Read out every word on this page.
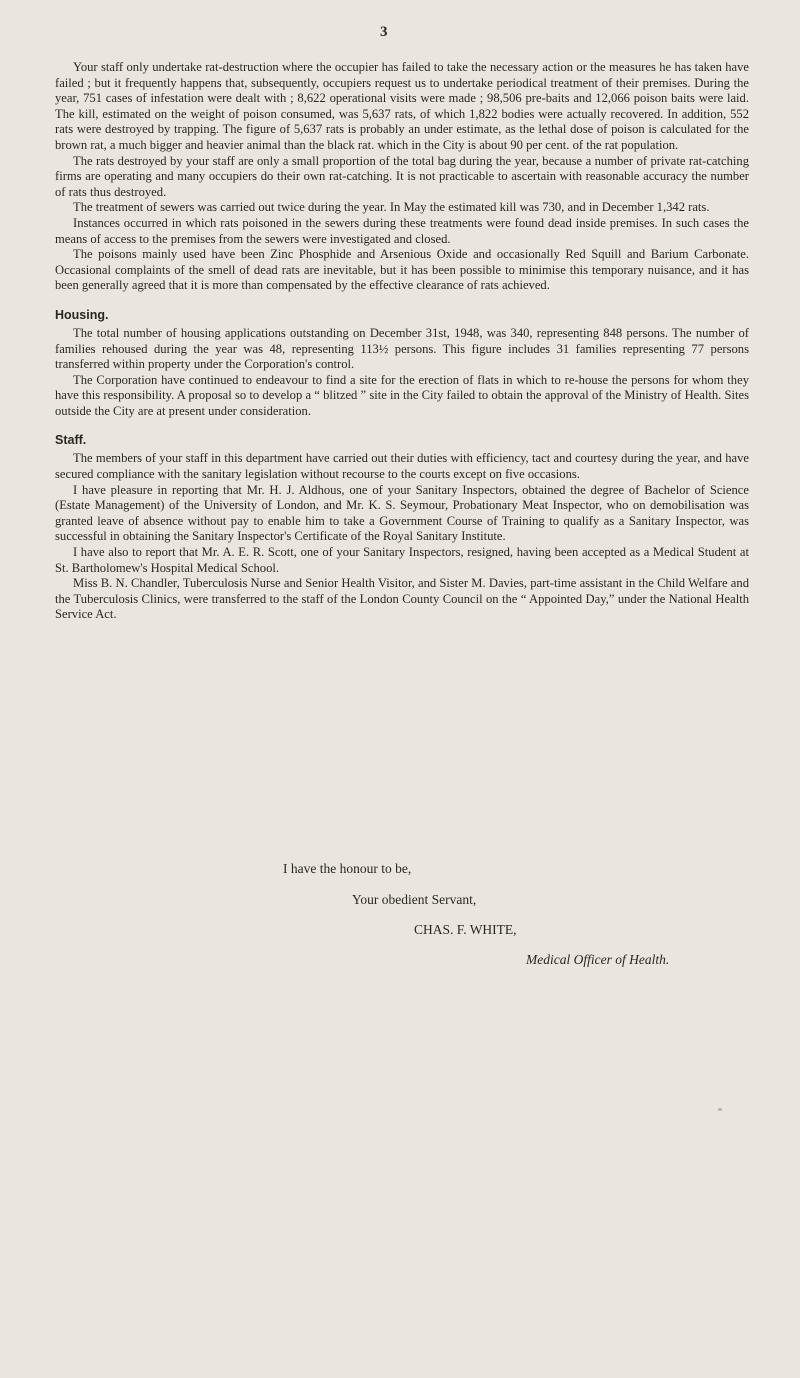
3

Your staff only undertake rat-destruction where the occupier has failed to take the necessary action or the measures he has taken have failed ; but it frequently happens that, subsequently, occupiers request us to undertake periodical treatment of their premises. During the year, 751 cases of infestation were dealt with ; 8,622 operational visits were made ; 98,506 pre-baits and 12,066 poison baits were laid. The kill, estimated on the weight of poison consumed, was 5,637 rats, of which 1,822 bodies were actually recovered. In addition, 552 rats were destroyed by trapping. The figure of 5,637 rats is probably an under estimate, as the lethal dose of poison is calculated for the brown rat, a much bigger and heavier animal than the black rat. which in the City is about 90 per cent. of the rat population.

The rats destroyed by your staff are only a small proportion of the total bag during the year, because a number of private rat-catching firms are operating and many occupiers do their own rat-catching. It is not practicable to ascertain with reasonable accuracy the number of rats thus destroyed.

The treatment of sewers was carried out twice during the year. In May the estimated kill was 730, and in December 1,342 rats.

Instances occurred in which rats poisoned in the sewers during these treatments were found dead inside premises. In such cases the means of access to the premises from the sewers were investigated and closed.

The poisons mainly used have been Zinc Phosphide and Arsenious Oxide and occasionally Red Squill and Barium Carbonate. Occasional complaints of the smell of dead rats are inevitable, but it has been possible to minimise this temporary nuisance, and it has been generally agreed that it is more than compensated by the effective clearance of rats achieved.

Housing.

The total number of housing applications outstanding on December 31st, 1948, was 340, representing 848 persons. The number of families rehoused during the year was 48, representing 113½ persons. This figure includes 31 families representing 77 persons transferred within property under the Corporation's control.

The Corporation have continued to endeavour to find a site for the erection of flats in which to re-house the persons for whom they have this responsibility. A proposal so to develop a “ blitzed ” site in the City failed to obtain the approval of the Ministry of Health. Sites outside the City are at present under consideration.

Staff.

The members of your staff in this department have carried out their duties with efficiency, tact and courtesy during the year, and have secured compliance with the sanitary legislation without recourse to the courts except on five occasions.

I have pleasure in reporting that Mr. H. J. Aldhous, one of your Sanitary Inspectors, obtained the degree of Bachelor of Science (Estate Management) of the University of London, and Mr. K. S. Seymour, Probationary Meat Inspector, who on demobilisation was granted leave of absence without pay to enable him to take a Government Course of Training to qualify as a Sanitary Inspector, was successful in obtaining the Sanitary Inspector's Certificate of the Royal Sanitary Institute.

I have also to report that Mr. A. E. R. Scott, one of your Sanitary Inspectors, resigned, having been accepted as a Medical Student at St. Bartholomew's Hospital Medical School.

Miss B. N. Chandler, Tuberculosis Nurse and Senior Health Visitor, and Sister M. Davies, part-time assistant in the Child Welfare and the Tuberculosis Clinics, were transferred to the staff of the London County Council on the “ Appointed Day,” under the National Health Service Act.

I have the honour to be,
Your obedient Servant,
CHAS. F. WHITE,
Medical Officer of Health.
